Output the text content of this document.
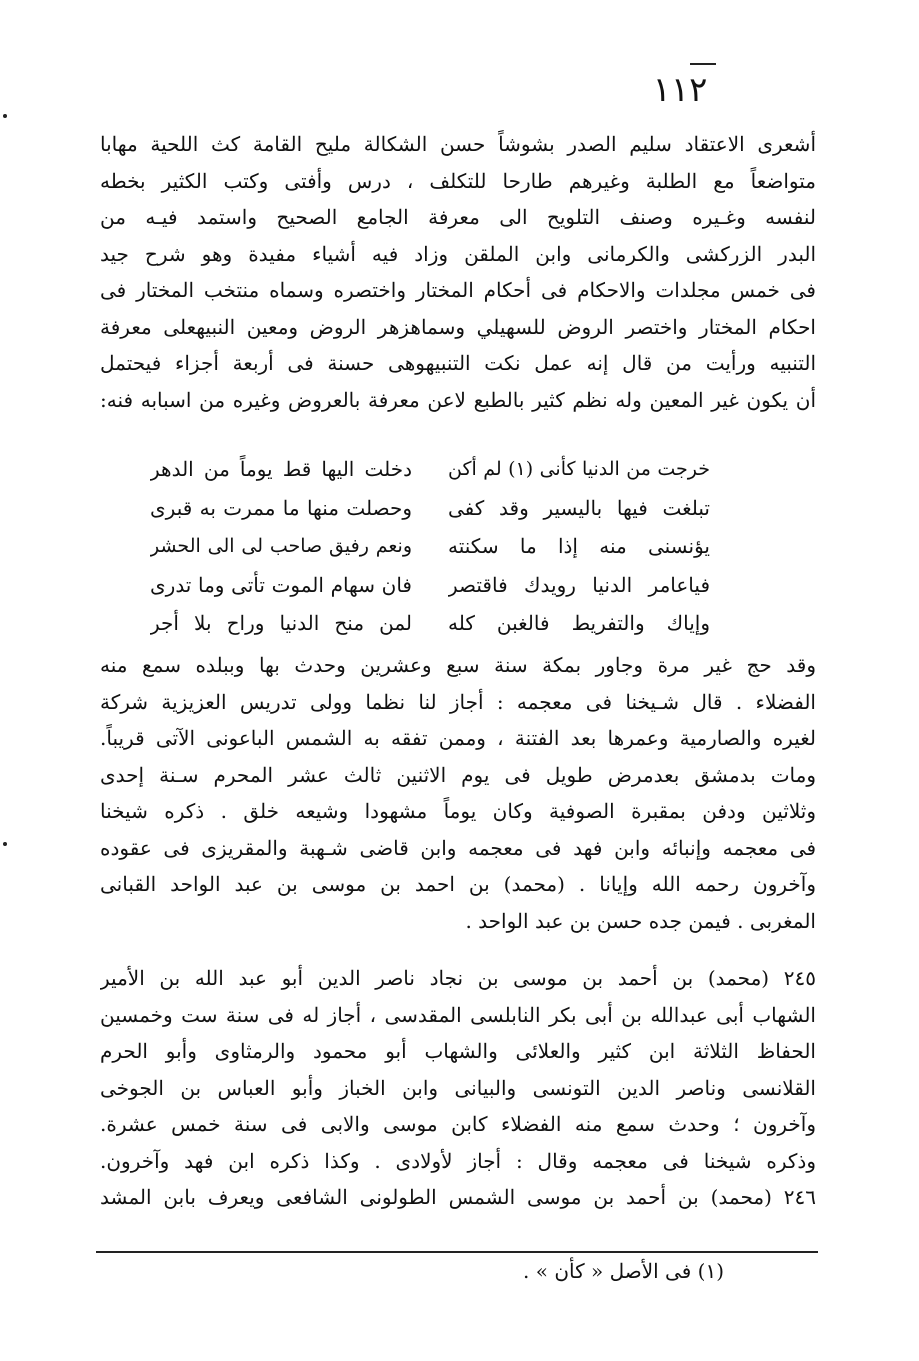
١١٢
أشعرى الاعتقاد سليم الصدر بشوشاً حسن الشكالة مليح القامة كث اللحية مهابا
متواضعاً مع الطلبة وغيرهم طارحا للتكلف ، درس وأفتى وكتب الكثير بخطه
لنفسه وغـيره وصنف التلويح الى معرفة الجامع الصحيح واستمد فيـه من
البدر الزركشى والكرمانى وابن الملقن وزاد فيه أشياء مفيدة وهو شرح جيد
فى خمس مجلدات والاحكام فى أحكام المختار واختصره وسماه منتخب المختار فى
احكام المختار واختصر الروض للسهيلي وسماهزهر الروض ومعين النبيهعلى معرفة
التنبيه ورأيت من قال إنه عمل نكت التنبيهوهى حسنة فى أربعة أجزاء فيحتمل
أن يكون غير المعين وله نظم كثير بالطبع لاعن معرفة بالعروض وغيره من اسبابه فنه:
خرجت من الدنيا كأنى (١) لم أكن
دخلت اليها قط يوماً من الدهر
تبلغت فيها باليسير وقد كفى
وحصلت منها ما ممرت به قبرى
يؤنسنى منه إذا ما سكنته
ونعم رفيق صاحب لى الى الحشر
فياعامر الدنيا رويدك فاقتصر
فان سهام الموت تأتى وما تدرى
وإياك والتفريط فالغبن كله
لمن منح الدنيا وراح بلا أجر
وقد حج غير مرة وجاور بمكة سنة سبع وعشرين وحدث بها وببلده سمع منه
الفضلاء . قال شـيخنا فى معجمه : أجاز لنا نظما وولى تدريس العزيزية شركة
لغيره والصارمية وعمرها بعد الفتنة ، وممن تفقه به الشمس الباعونى الآتى قريباً.
ومات بدمشق بعدمرض طويل فى يوم الاثنين ثالث عشر المحرم سـنة إحدى
وثلاثين ودفن بمقبرة الصوفية وكان يوماً مشهودا وشيعه خلق . ذكره شيخنا
فى معجمه وإنبائه وابن فهد فى معجمه وابن قاضى شـهبة والمقريزى فى عقوده
وآخرون رحمه الله وإيانا . (محمد) بن احمد بن موسى بن عبد الواحد القبانى
المغربى . فيمن جده حسن بن عبد الواحد .
٢٤٥ (محمد) بن أحمد بن موسى بن نجاد ناصر الدين أبو عبد الله بن الأمير
الشهاب أبى عبدالله بن أبى بكر النابلسى المقدسى ، أجاز له فى سنة ست وخمسين
الحفاظ الثلاثة ابن كثير والعلائى والشهاب أبو محمود والرمثاوى وأبو الحرم
القلانسى وناصر الدين التونسى والبيانى وابن الخباز وأبو العباس بن الجوخى
وآخرون ؛ وحدث سمع منه الفضلاء كابن موسى والابى فى سنة خمس عشرة.
وذكره شيخنا فى معجمه وقال : أجاز لأولادى . وكذا ذكره ابن فهد وآخرون.
٢٤٦ (محمد) بن أحمد بن موسى الشمس الطولونى الشافعى ويعرف بابن المشد
(١) فى الأصل « كأن » .
